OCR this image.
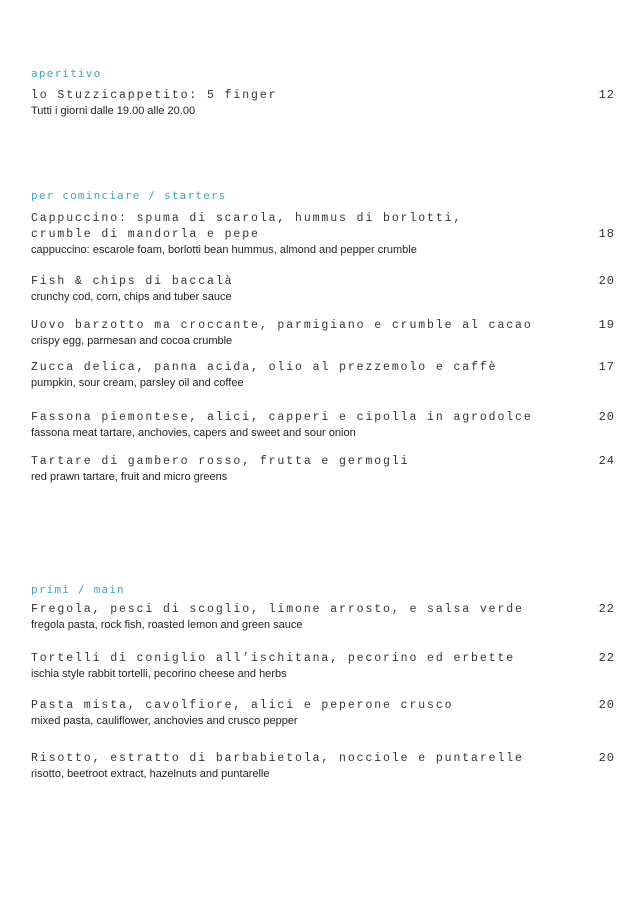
aperitivo

lo Stuzzicappetito: 5 finger

Tutti i giorni dalle 19.00 alle 20.00

12
per cominciare / starters

Cappuccino: spuma di scarola, hummus di borlotti,
crumble di mandorla e pepe

cappuccino: escarole foam, borlotti bean hummus, almond and pepper crumble

18

Fish & chips di baccalà

crunchy cod, corn, chips and tuber sauce

20

Uovo barzotto ma croccante, parmigiano e crumble al cacao

crispy egg, parmesan and cocoa crumble

19

Zucca delica, panna acida, olio al prezzemolo e caffè

pumpkin, sour cream, parsley oil and coffee

17

Fassona piemontese, alici, capperi e cipolla in agrodolce

fassona meat tartare, anchovies, capers and sweet and sour onion

20

Tartare di gambero rosso, frutta e germogli

red prawn tartare, fruit and micro greens

24
primi / main

Fregola, pesci di scoglio, limone arrosto, e salsa verde

fregola pasta, rock fish, roasted lemon and green sauce

22

Tortelli di coniglio all’ischitana, pecorino ed erbette

ischia style rabbit tortelli, pecorino cheese and herbs

22

Pasta mista, cavolfiore, alici e peperone crusco

mixed pasta, cauliflower, anchovies and crusco pepper

20

Risotto, estratto di barbabietola, nocciole e puntarelle

risotto, beetroot extract, hazelnuts and puntarelle

20
